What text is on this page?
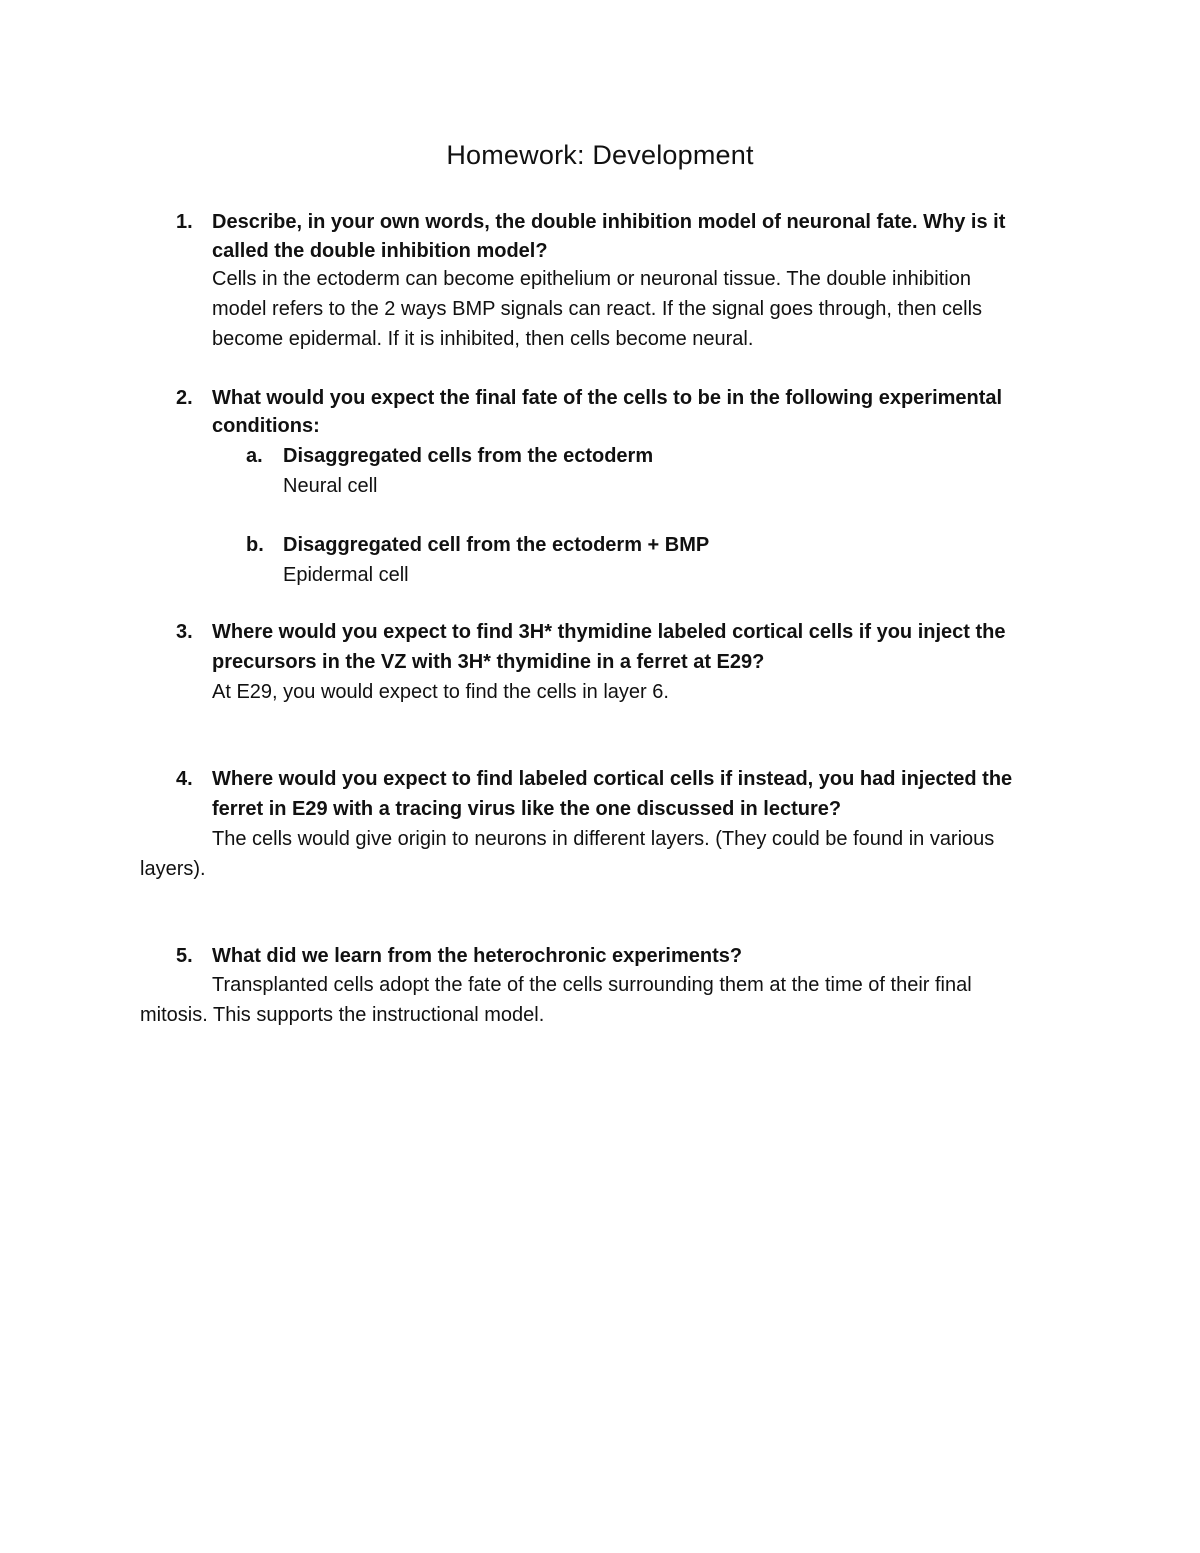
Homework: Development
1. Describe, in your own words, the double inhibition model of neuronal fate. Why is it
called the double inhibition model?
Cells in the ectoderm can become epithelium or neuronal tissue. The double inhibition
model refers to the 2 ways BMP signals can react. If the signal goes through, then cells
become epidermal. If it is inhibited, then cells become neural.
2. What would you expect the final fate of the cells to be in the following experimental
conditions:
a. Disaggregated cells from the ectoderm
Neural cell
b. Disaggregated cell from the ectoderm + BMP
Epidermal cell
3. Where would you expect to find 3H* thymidine labeled cortical cells if you inject the
precursors in the VZ with 3H* thymidine in a ferret at E29?
At E29, you would expect to find the cells in layer 6.
4. Where would you expect to find labeled cortical cells if instead, you had injected the
ferret in E29 with a tracing virus like the one discussed in lecture?
The cells would give origin to neurons in different layers. (They could be found in various
layers).
5. What did we learn from the heterochronic experiments?
Transplanted cells adopt the fate of the cells surrounding them at the time of their final
mitosis. This supports the instructional model.
